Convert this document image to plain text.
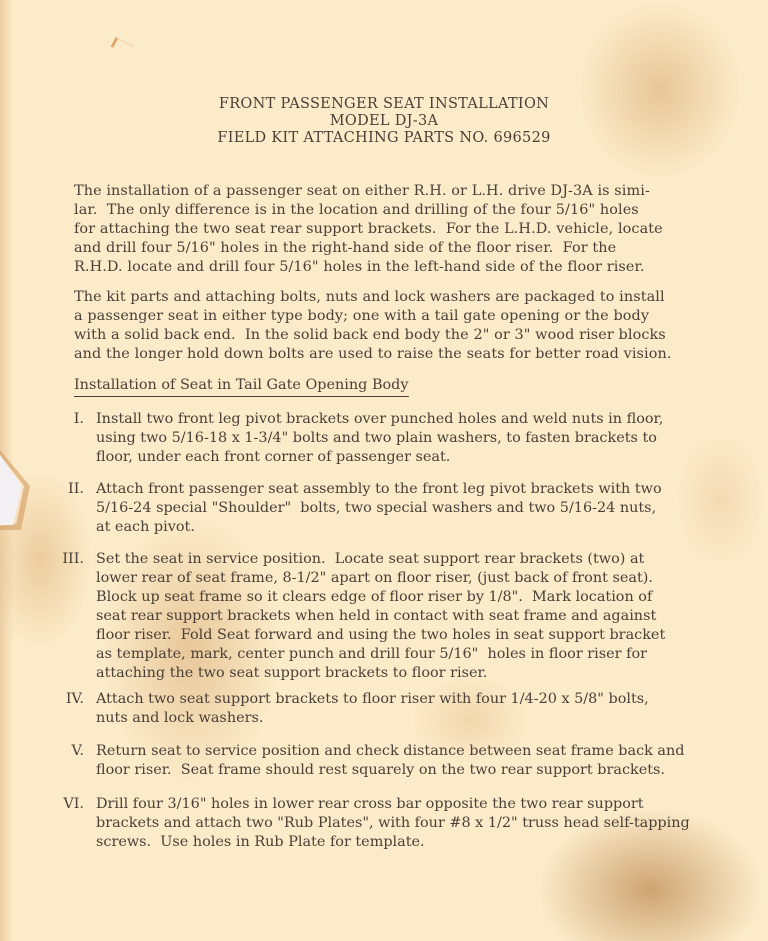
FRONT PASSENGER SEAT INSTALLATION
MODEL DJ-3A
FIELD KIT ATTACHING PARTS NO. 696529
The installation of a passenger seat on either R.H. or L.H. drive DJ-3A is simi-
lar.  The only difference is in the location and drilling of the four 5/16" holes
for attaching the two seat rear support brackets.  For the L.H.D. vehicle, locate
and drill four 5/16" holes in the right-hand side of the floor riser.  For the
R.H.D. locate and drill four 5/16" holes in the left-hand side of the floor riser.
The kit parts and attaching bolts, nuts and lock washers are packaged to install
a passenger seat in either type body; one with a tail gate opening or the body
with a solid back end.  In the solid back end body the 2" or 3" wood riser blocks
and the longer hold down bolts are used to raise the seats for better road vision.
Installation of Seat in Tail Gate Opening Body
I. Install two front leg pivot brackets over punched holes and weld nuts in floor,
using two 5/16-18 x 1-3/4" bolts and two plain washers, to fasten brackets to
floor, under each front corner of passenger seat.
II. Attach front passenger seat assembly to the front leg pivot brackets with two
5/16-24 special "Shoulder"  bolts, two special washers and two 5/16-24 nuts,
at each pivot.
III. Set the seat in service position.  Locate seat support rear brackets (two) at
lower rear of seat frame, 8-1/2" apart on floor riser, (just back of front seat).
Block up seat frame so it clears edge of floor riser by 1/8".  Mark location of
seat rear support brackets when held in contact with seat frame and against
floor riser.  Fold Seat forward and using the two holes in seat support bracket
as template, mark, center punch and drill four 5/16"  holes in floor riser for
attaching the two seat support brackets to floor riser.
IV. Attach two seat support brackets to floor riser with four 1/4-20 x 5/8" bolts,
nuts and lock washers.
V. Return seat to service position and check distance between seat frame back and
floor riser.  Seat frame should rest squarely on the two rear support brackets.
VI. Drill four 3/16" holes in lower rear cross bar opposite the two rear support
brackets and attach two "Rub Plates", with four #8 x 1/2" truss head self-tapping
screws.  Use holes in Rub Plate for template.
